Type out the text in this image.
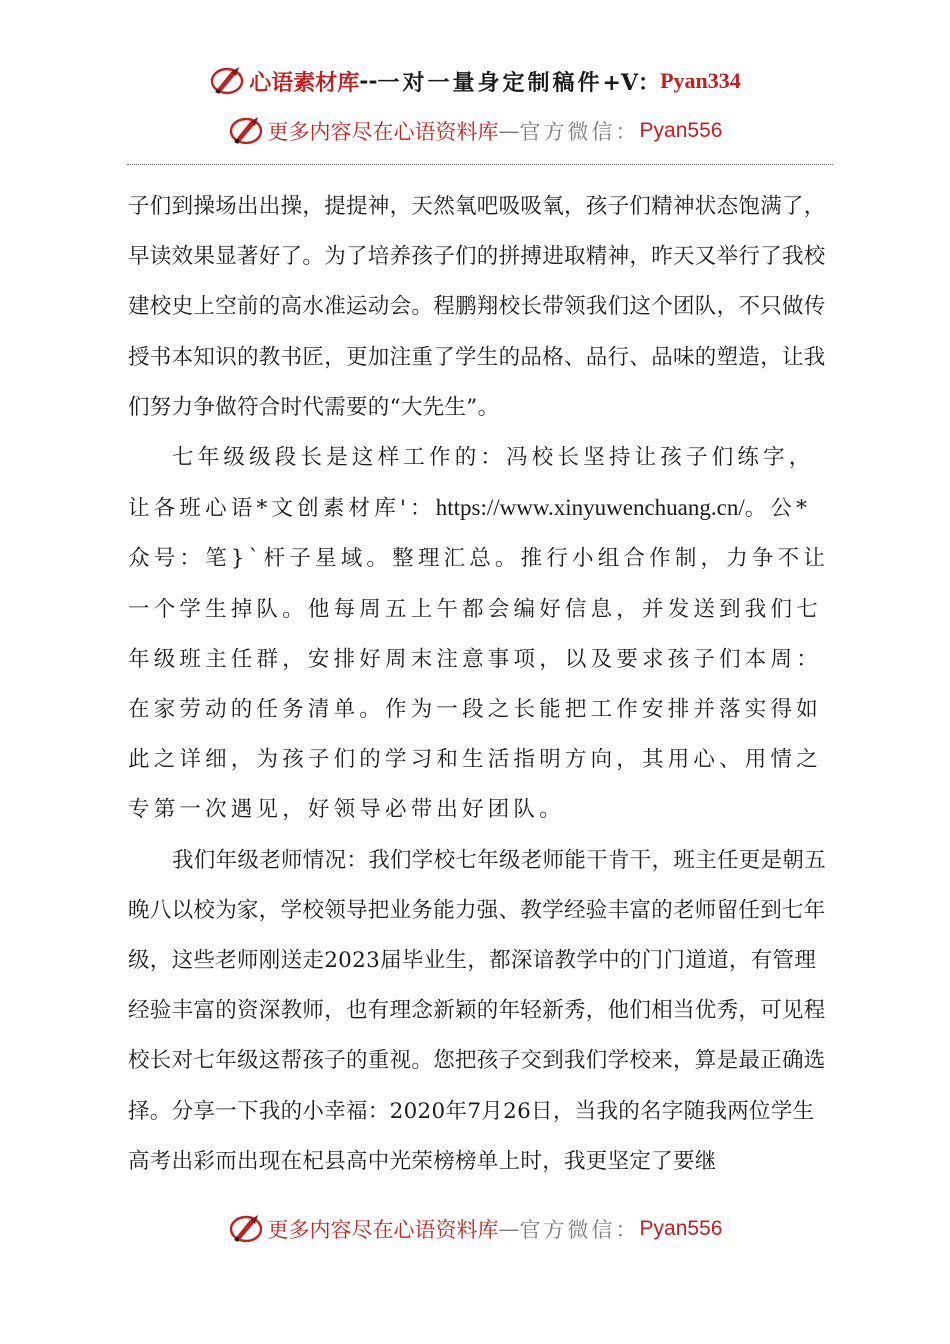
心语素材库 -- 一对一量身定制稿件 +V： Pyan334
更多内容尽在心语资料库 — 官方微信： Pyan556

子们到操场出出操，提提神，天然氧吧吸吸氧，孩子们精神状态饱满了，早读效果显著好了。为了培养孩子们的拼搏进取精神，昨天又举行了我校建校史上空前的高水准运动会。程鹏翔校长带领我们这个团队，不只做传授书本知识的教书匠，更加注重了学生的品格、品行、品味的塑造，让我们努力争做符合时代需要的“大先生”。

七年级级段长是这样工作的：冯校长坚持让孩子们练字，让各班心语*文创素材库'：https://www.xinyuwenchuang.cn/。公*众号：笔}`杆子星域。整理汇总。推行小组合作制，力争不让一个学生掉队。他每周五上午都会编好信息，并发送到我们七年级班主任群，安排好周末注意事项，以及要求孩子们本周：在家劳动的任务清单。作为一段之长能把工作安排并落实得如此之详细，为孩子们的学习和生活指明方向，其用心、用情之专第一次遇见，好领导必带出好团队。

我们年级老师情况：我们学校七年级老师能干肯干，班主任更是朝五晚八以校为家，学校领导把业务能力强、教学经验丰富的老师留任到七年级，这些老师刚送走2023届毕业生，都深谙教学中的门门道道，有管理经验丰富的资深教师，也有理念新颖的年轻新秀，他们相当优秀，可见程校长对七年级这帮孩子的重视。您把孩子交到我们学校来，算是最正确选择。分享一下我的小幸福：2020年7月26日，当我的名字随我两位学生高考出彩而出现在杞县高中光荣榜榜单上时，我更坚定了要继

更多内容尽在心语资料库 — 官方微信： Pyan556
